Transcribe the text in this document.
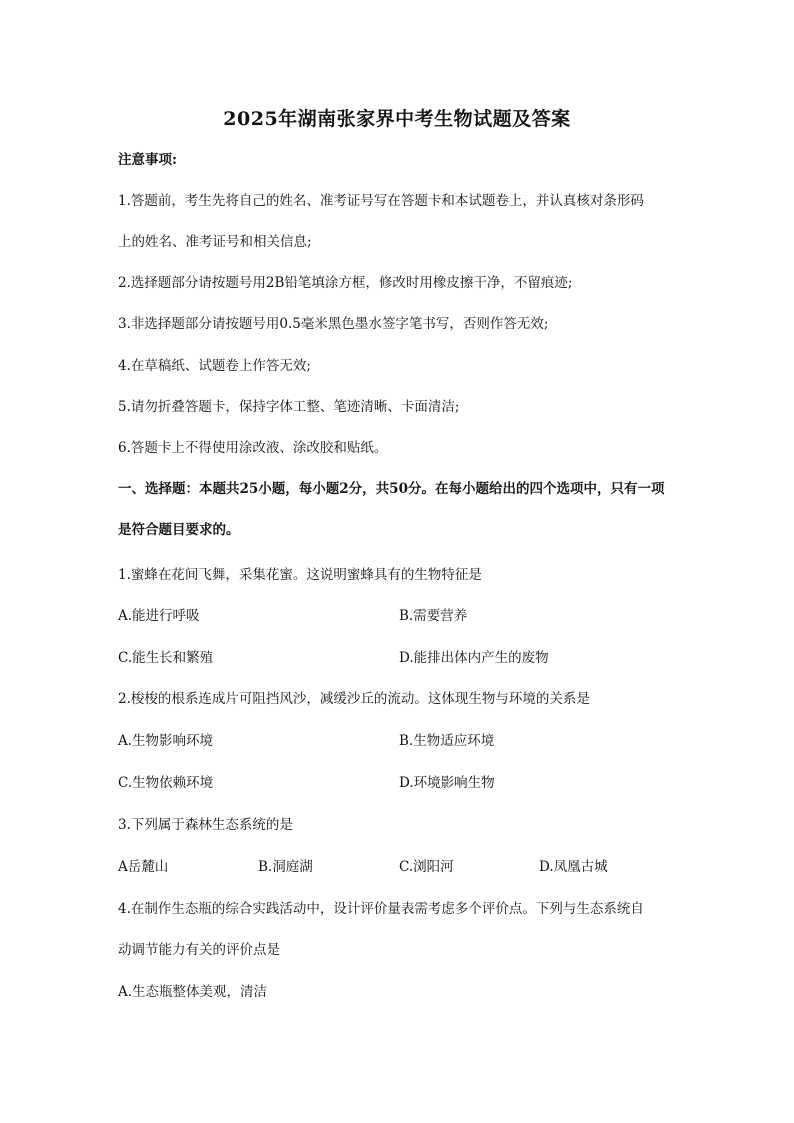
2025年湖南张家界中考生物试题及答案
注意事项:
1.答题前，考生先将自己的姓名、准考证号写在答题卡和本试题卷上，并认真核对条形码
上的姓名、准考证号和相关信息;
2.选择题部分请按题号用2B铅笔填涂方框，修改时用橡皮擦干净，不留痕迹;
3.非选择题部分请按题号用0.5毫米黑色墨水签字笔书写，否则作答无效;
4.在草稿纸、试题卷上作答无效;
5.请勿折叠答题卡，保持字体工整、笔迹清晰、卡面清洁;
6.答题卡上不得使用涂改液、涂改胶和贴纸。
一、选择题：本题共25小题，每小题2分，共50分。在每小题给出的四个选项中，只有一项
是符合题目要求的。
1.蜜蜂在花间飞舞，采集花蜜。这说明蜜蜂具有的生物特征是
A.能进行呼吸	B.需要营养
C.能生长和繁殖	D.能排出体内产生的废物
2.梭梭的根系连成片可阻挡风沙，减缓沙丘的流动。这体现生物与环境的关系是
A.生物影响环境	B.生物适应环境
C.生物依赖环境	D.环境影响生物
3.下列属于森林生态系统的是
A岳麓山	B.洞庭湖	C.浏阳河	D.凤凰古城
4.在制作生态瓶的综合实践活动中，设计评价量表需考虑多个评价点。下列与生态系统自
动调节能力有关的评价点是
A.生态瓶整体美观，清洁
